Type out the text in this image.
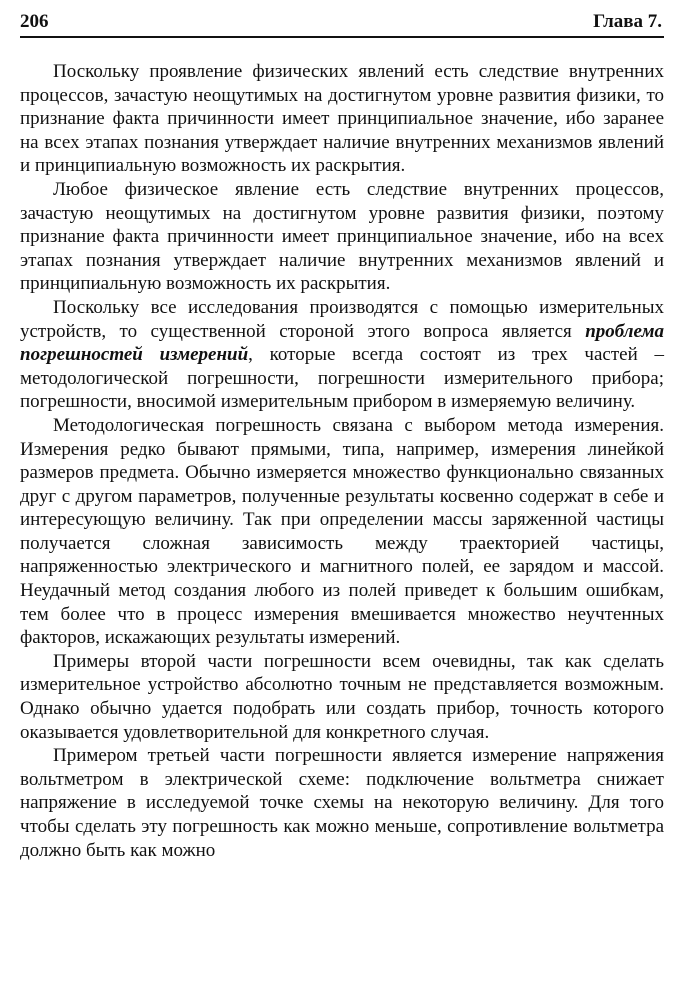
206	Глава 7.

Поскольку проявление физических явлений есть следствие внутренних процессов, зачастую неощутимых на достигнутом уровне развития физики, то признание факта причинности имеет принципиальное значение, ибо заранее на всех этапах познания утверждает наличие внутренних механизмов явлений и принципиальную возможность их раскрытия.

Любое физическое явление есть следствие внутренних процессов, зачастую неощутимых на достигнутом уровне развития физики, поэтому признание факта причинности имеет принципиальное значение, ибо на всех этапах познания утверждает наличие внутренних механизмов явлений и принципиальную возможность их раскрытия.

Поскольку все исследования производятся с помощью измерительных устройств, то существенной стороной этого вопроса является проблема погрешностей измерений, которые всегда состоят из трех частей – методологической погрешности, погрешности измерительного прибора; погрешности, вносимой измерительным прибором в измеряемую величину.

Методологическая погрешность связана с выбором метода измерения. Измерения редко бывают прямыми, типа, например, измерения линейкой размеров предмета. Обычно измеряется множество функционально связанных друг с другом параметров, полученные результаты косвенно содержат в себе и интересующую величину. Так при определении массы заряженной частицы получается сложная зависимость между траекторией частицы, напряженностью электрического и магнитного полей, ее зарядом и массой. Неудачный метод создания любого из полей приведет к большим ошибкам, тем более что в процесс измерения вмешивается множество неучтенных факторов, искажающих результаты измерений.

Примеры второй части погрешности всем очевидны, так как сделать измерительное устройство абсолютно точным не представляется возможным. Однако обычно удается подобрать или создать прибор, точность которого оказывается удовлетворительной для конкретного случая.

Примером третьей части погрешности является измерение напряжения вольтметром в электрической схеме: подключение вольтметра снижает напряжение в исследуемой точке схемы на некоторую величину. Для того чтобы сделать эту погрешность как можно меньше, сопротивление вольтметра должно быть как можно
